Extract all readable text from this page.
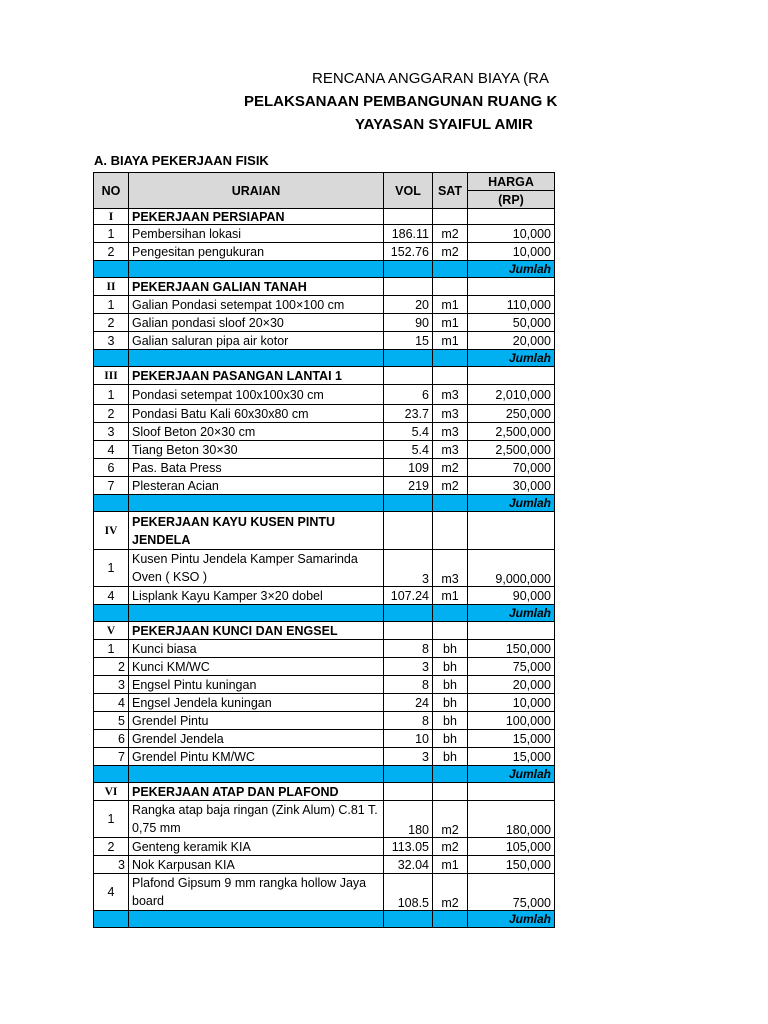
RENCANA ANGGARAN BIAYA (RA
PELAKSANAAN PEMBANGUNAN RUANG K
YAYASAN SYAIFUL AMIR
A. BIAYA PEKERJAAN FISIK
NO	URAIAN	VOL	SAT	HARGA	
				(RP)	
I	PEKERJAAN PERSIAPAN				
1	Pembersihan lokasi	186.11	m2	10,000	
2	Pengesitan pengukuran	152.76	m2	10,000	
				Jumlah	
II	PEKERJAAN GALIAN TANAH				
1	Galian Pondasi setempat 100×100 cm	20	m1	110,000	
2	Galian pondasi sloof 20×30	90	m1	50,000	
3	Galian saluran pipa air kotor	15	m1	20,000	
				Jumlah	
III	PEKERJAAN PASANGAN LANTAI 1				
1	Pondasi setempat 100x100x30 cm	6	m3	2,010,000	
2	Pondasi Batu Kali 60x30x80 cm	23.7	m3	250,000	
3	Sloof Beton 20×30 cm	5.4	m3	2,500,000	
4	Tiang Beton 30×30	5.4	m3	2,500,000	
6	Pas. Bata Press	109	m2	70,000	
7	Plesteran Acian	219	m2	30,000	
				Jumlah	
IV	PEKERJAAN KAYU KUSEN PINTU JENDELA				
1	Kusen Pintu Jendela Kamper Samarinda Oven ( KSO )	3	m3	9,000,000	
4	Lisplank Kayu Kamper 3×20 dobel	107.24	m1	90,000	
				Jumlah	
V	PEKERJAAN KUNCI DAN ENGSEL				
1	Kunci biasa	8	bh	150,000	
2	Kunci KM/WC	3	bh	75,000	
3	Engsel Pintu kuningan	8	bh	20,000	
4	Engsel Jendela kuningan	24	bh	10,000	
5	Grendel Pintu	8	bh	100,000	
6	Grendel Jendela	10	bh	15,000	
7	Grendel Pintu KM/WC	3	bh	15,000	
				Jumlah	
VI	PEKERJAAN ATAP DAN PLAFOND				
1	Rangka atap baja ringan (Zink Alum) C.81 T. 0,75 mm	180	m2	180,000	
2	Genteng keramik KIA	113.05	m2	105,000	
3	Nok Karpusan KIA	32.04	m1	150,000	
4	Plafond Gipsum 9 mm rangka hollow Jaya board	108.5	m2	75,000	
				Jumlah	
